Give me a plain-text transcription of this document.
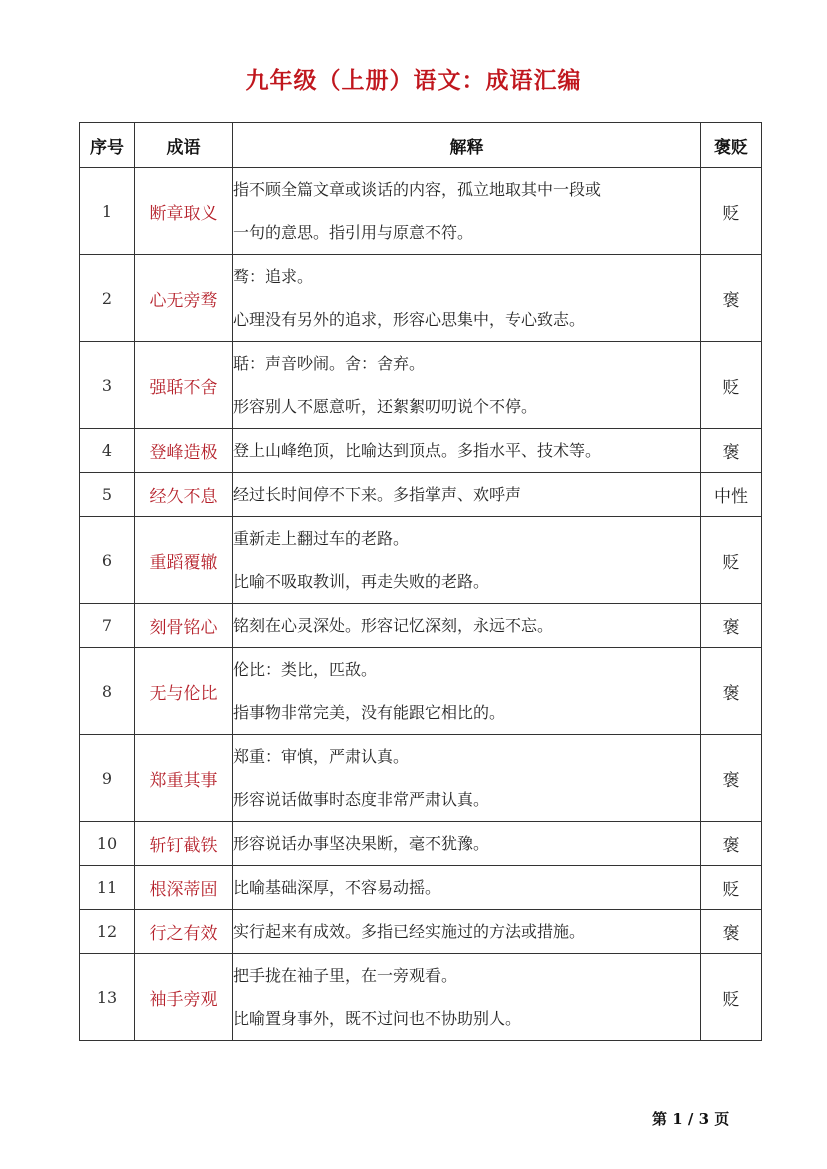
九年级（上册）语文：成语汇编
序号	成语	解释	褒贬
1	断章取义	指不顾全篇文章或谈话的内容，孤立地取其中一段或
一句的意思。指引用与原意不符。	贬
2	心无旁骛	骛：追求。
心理没有另外的追求，形容心思集中，专心致志。	褒
3	强聒不舍	聒：声音吵闹。舍：舍弃。
形容别人不愿意听，还絮絮叨叨说个不停。	贬
4	登峰造极	登上山峰绝顶，比喻达到顶点。多指水平、技术等。	褒
5	经久不息	经过长时间停不下来。多指掌声、欢呼声	中性
6	重蹈覆辙	重新走上翻过车的老路。
比喻不吸取教训，再走失败的老路。	贬
7	刻骨铭心	铭刻在心灵深处。形容记忆深刻，永远不忘。	褒
8	无与伦比	伦比：类比，匹敌。
指事物非常完美，没有能跟它相比的。	褒
9	郑重其事	郑重：审慎，严肃认真。
形容说话做事时态度非常严肃认真。	褒
10	斩钉截铁	形容说话办事坚决果断，毫不犹豫。	褒
11	根深蒂固	比喻基础深厚，不容易动摇。	贬
12	行之有效	实行起来有成效。多指已经实施过的方法或措施。	褒
13	袖手旁观	把手拢在袖子里，在一旁观看。
比喻置身事外，既不过问也不协助别人。	贬
第 1 / 3 页
